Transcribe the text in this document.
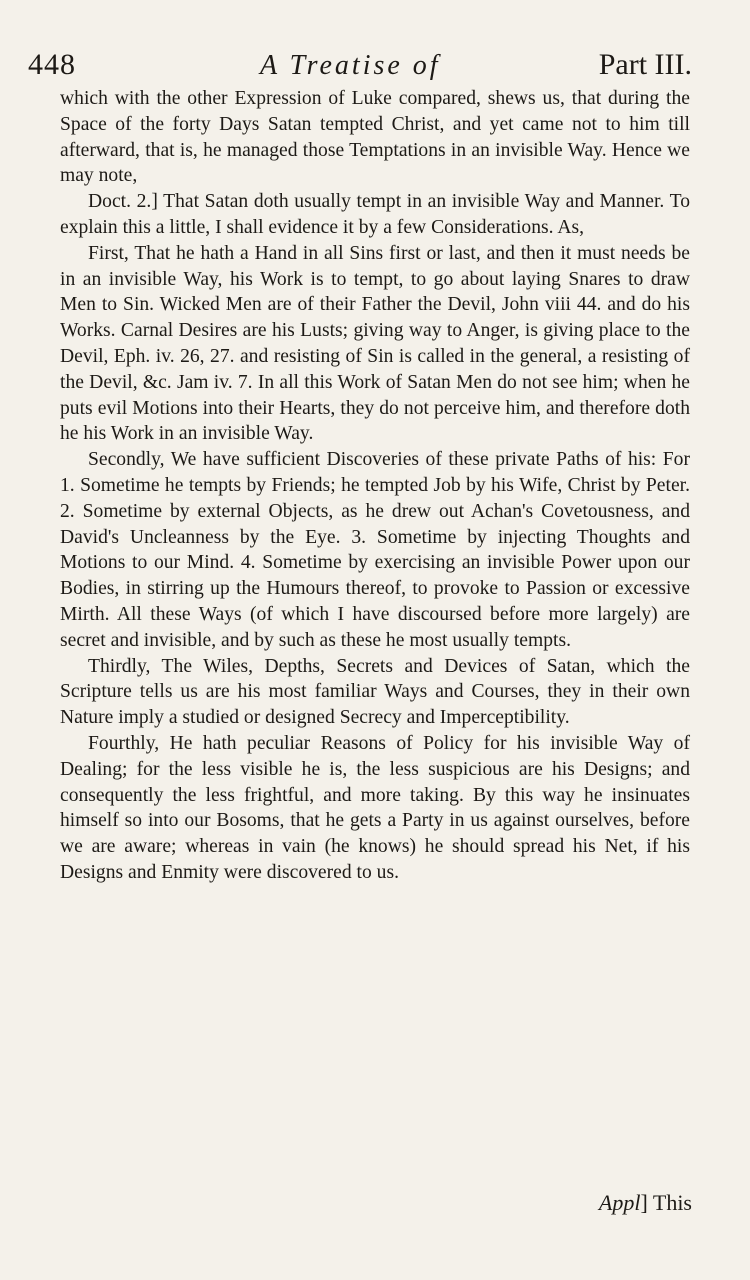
448	A Treatise of	Part III.

which with the other Expression of Luke compared, shews us, that during the Space of the forty Days Satan tempted Christ, and yet came not to him till afterward, that is, he managed those Temptations in an invisible Way. Hence we may note,

Doct. 2.] That Satan doth usually tempt in an invisible Way and Manner. To explain this a little, I shall evidence it by a few Considerations. As,

First, That he hath a Hand in all Sins first or last, and then it must needs be in an invisible Way, his Work is to tempt, to go about laying Snares to draw Men to Sin. Wicked Men are of their Father the Devil, John viii 44. and do his Works. Carnal Desires are his Lusts; giving way to Anger, is giving place to the Devil, Eph. iv. 26, 27. and resisting of Sin is called in the general, a resisting of the Devil, &c. Jam iv. 7. In all this Work of Satan Men do not see him; when he puts evil Motions into their Hearts, they do not perceive him, and therefore doth he his Work in an invisible Way.

Secondly, We have sufficient Discoveries of these private Paths of his: For 1. Sometime he tempts by Friends; he tempted Job by his Wife, Christ by Peter. 2. Sometime by external Objects, as he drew out Achan's Covetousness, and David's Uncleanness by the Eye. 3. Sometime by injecting Thoughts and Motions to our Mind. 4. Sometime by exercising an invisible Power upon our Bodies, in stirring up the Humours thereof, to provoke to Passion or excessive Mirth. All these Ways (of which I have discoursed before more largely) are secret and invisible, and by such as these he most usually tempts.

Thirdly, The Wiles, Depths, Secrets and Devices of Satan, which the Scripture tells us are his most familiar Ways and Courses, they in their own Nature imply a studied or designed Secrecy and Imperceptibility.

Fourthly, He hath peculiar Reasons of Policy for his invisible Way of Dealing; for the less visible he is, the less suspicious are his Designs; and consequently the less frightful, and more taking. By this way he insinuates himself so into our Bosoms, that he gets a Party in us against ourselves, before we are aware; whereas in vain (he knows) he should spread his Net, if his Designs and Enmity were discovered to us.

Appl] This
